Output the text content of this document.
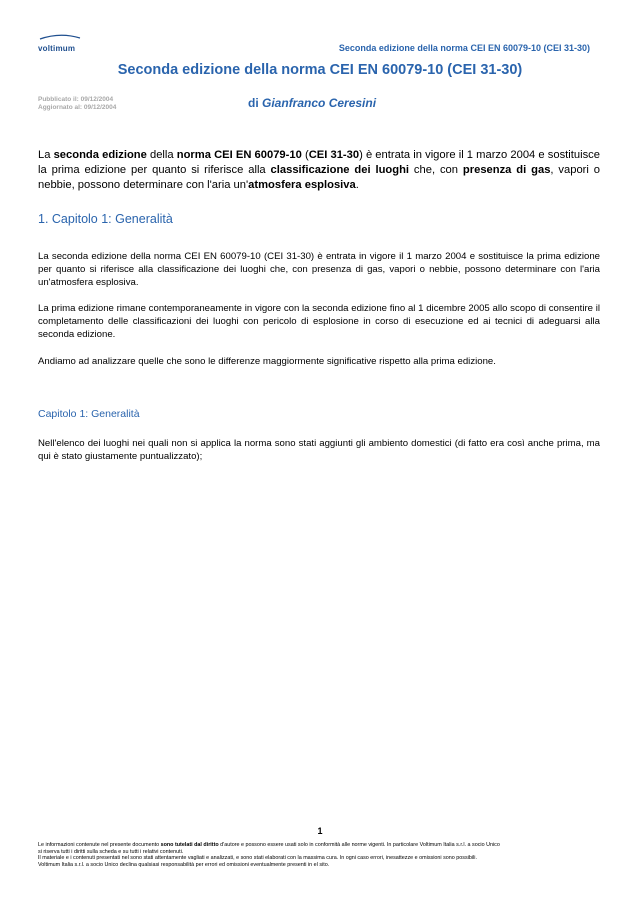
voltimum	Seconda edizione della norma CEI EN 60079-10 (CEI 31-30)
Seconda edizione della norma CEI EN 60079-10 (CEI 31-30)
Pubblicato il: 09/12/2004
Aggiornato al: 09/12/2004	di Gianfranco Ceresini
La seconda edizione della norma CEI EN 60079-10 (CEI 31-30) è entrata in vigore il 1 marzo 2004 e sostituisce la prima edizione per quanto si riferisce alla classificazione dei luoghi che, con presenza di gas, vapori o nebbie, possono determinare con l'aria un'atmosfera esplosiva.
1. Capitolo 1: Generalità
La seconda edizione della norma CEI EN 60079-10 (CEI 31-30) è entrata in vigore il 1 marzo 2004 e sostituisce la prima edizione per quanto si riferisce alla classificazione dei luoghi che, con presenza di gas, vapori o nebbie, possono determinare con l'aria un'atmosfera esplosiva.
La prima edizione rimane contemporaneamente in vigore con la seconda edizione fino al 1 dicembre 2005 allo scopo di consentire il completamento delle classificazioni dei luoghi con pericolo di esplosione in corso di esecuzione ed ai tecnici di adeguarsi alla seconda edizione.
Andiamo ad analizzare quelle che sono le differenze maggiormente significative rispetto alla prima edizione.
Capitolo 1: Generalità
Nell'elenco dei luoghi nei quali non si applica la norma sono stati aggiunti gli ambiento domestici (di fatto era così anche prima, ma qui è stato giustamente puntualizzato);
1
Le informazioni contenute nel presente documento sono tutelati dal diritto d'autore e possono essere usati solo in conformità alle norme vigenti. In particolare Voltimum Italia s.r.l. a socio Unico
si riserva tutti i diritti sulla scheda e su tutti i relativi contenuti.
Il materiale e i contenuti presentati nel sono stati attentamente vagliati e analizzati, e sono stati elaborati con la massima cura. In ogni caso errori, inesattezze e omissioni sono possibili.
Voltimum Italia s.r.l. a socio Unico declina qualsiasi responsabilità per errori ed omissioni eventualmente presenti in el sito.
